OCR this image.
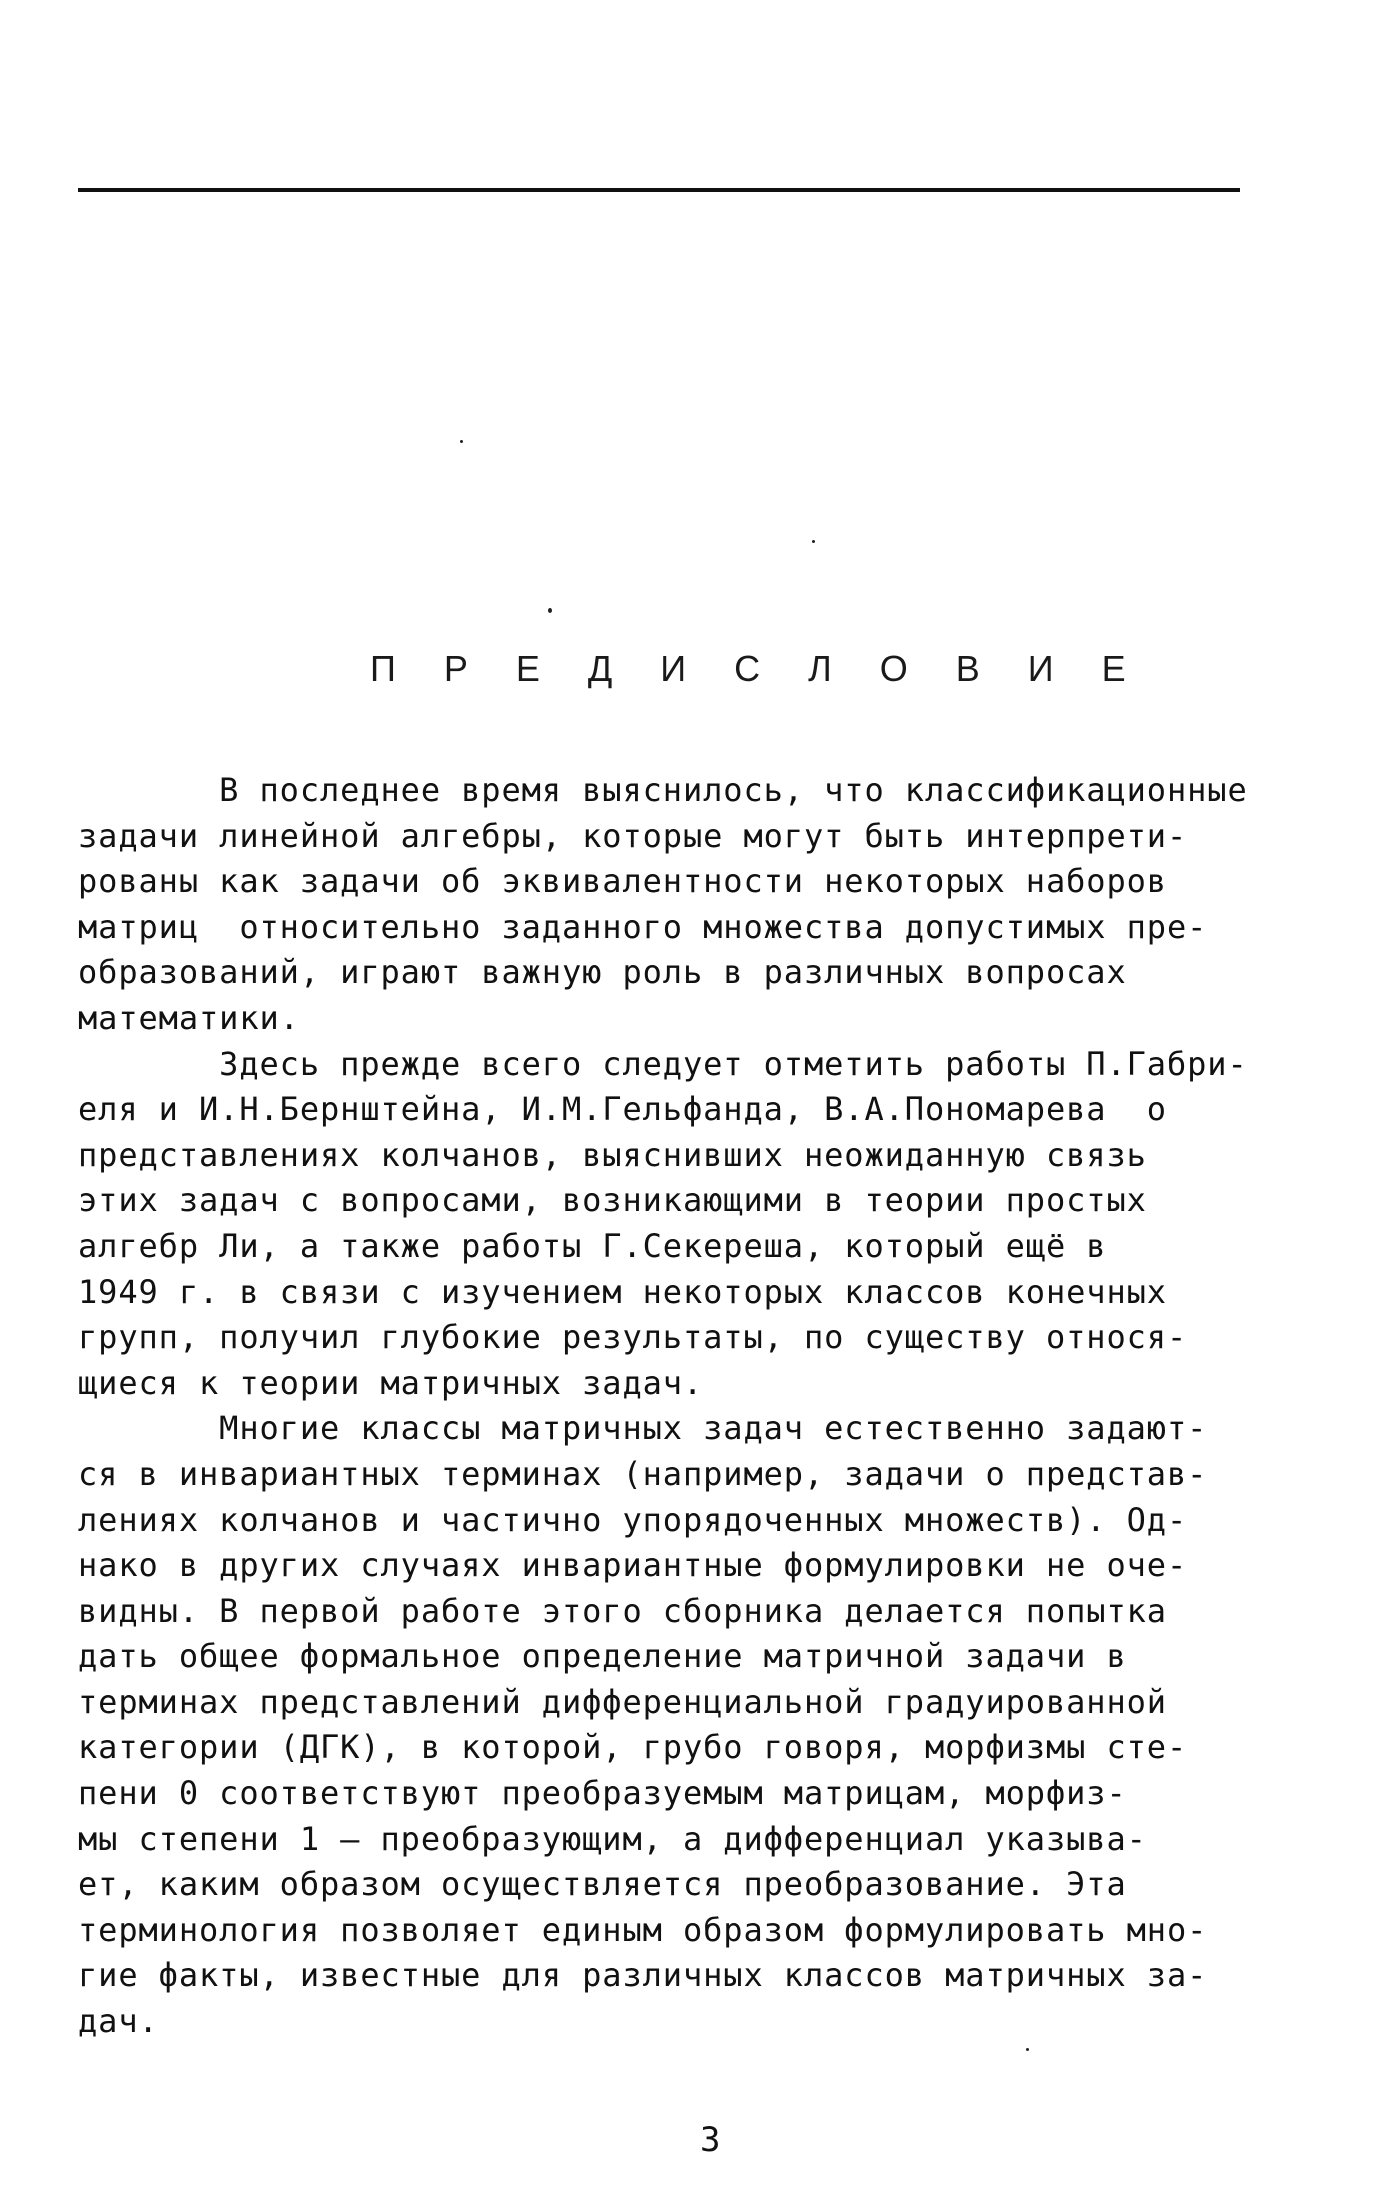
П Р Е Д И С Л О В И Е
В последнее время выяснилось, что классификационные
задачи линейной алгебры, которые могут быть интерпрети-
рованы как задачи об эквивалентности некоторых наборов
матриц  относительно заданного множества допустимых пре-
образований, играют важную роль в различных вопросах
математики.
Здесь прежде всего следует отметить работы П.Габри-
еля и И.Н.Бернштейна, И.М.Гельфанда, В.А.Пономарева  о
представлениях колчанов, выяснивших неожиданную связь
этих задач с вопросами, возникающими в теории простых
алгебр Ли, а также работы Г.Секереша, который ещё в
1949 г. в связи с изучением некоторых классов конечных
групп, получил глубокие результаты, по существу относя-
щиеся к теории матричных задач.
Многие классы матричных задач естественно задают-
ся в инвариантных терминах (например, задачи о представ-
лениях колчанов и частично упорядоченных множеств). Од-
нако в других случаях инвариантные формулировки не оче-
видны. В первой работе этого сборника делается попытка
дать общее формальное определение матричной задачи в
терминах представлений дифференциальной градуированной
категории (ДГК), в которой, грубо говоря, морфизмы сте-
пени 0 соответствуют преобразуемым матрицам, морфиз-
мы степени 1 – преобразующим, а дифференциал указыва-
ет, каким образом осуществляется преобразование. Эта
терминология позволяет единым образом формулировать мно-
гие факты, известные для различных классов матричных за-
дач.
3
